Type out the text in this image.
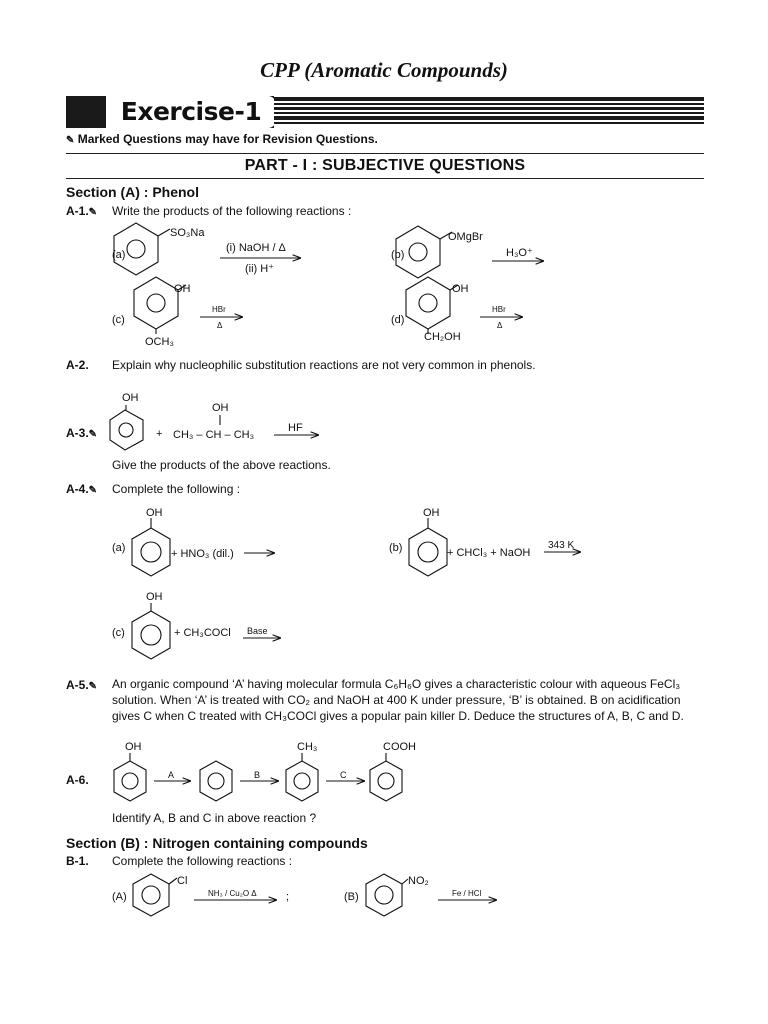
CPP (Aromatic Compounds)
Exercise-1
✎ Marked Questions may have for Revision Questions.
PART - I : SUBJECTIVE QUESTIONS
Section (A) : Phenol
A-1.✎ Write the products of the following reactions :
(a)
SO₃Na
(i) NaOH / Δ
(ii) H⁺
(b)
OMgBr
H₃O⁺
(c)
OH
OCH₃
HBr
Δ	(d)
OH
CH₂OH
HBr
Δ
OH
+
OH
CH₃ – CH – CH₃
HF
OH
(a)	+ HNO₃ (dil.)
OH
(b)	+ CHCl₃ + NaOH
343 K
OH
(c)	+ CH₃COCl Base
OH
A	B
CH₃
C
COOH
(A)
Cl
NH₃ / Cu₂O Δ	;	(B)
NO₂
Fe / HCl
A-2. Explain why nucleophilic substitution reactions are not very common in phenols.
A-3.✎
Give the products of the above reactions.
A-4.✎ Complete the following :
A-5.✎ An organic compound ‘A’ having molecular formula C₆H₆O gives a characteristic colour with aqueous FeCl₃
solution. When ‘A’ is treated with CO₂ and NaOH at 400 K under pressure, ‘B’ is obtained. B on acidification
gives C when C treated with CH₃COCl gives a popular pain killer D. Deduce the structures of A, B, C and D.
A-6.
Identify A, B and C in above reaction ?
Section (B) : Nitrogen containing compounds
B-1. Complete the following reactions :
